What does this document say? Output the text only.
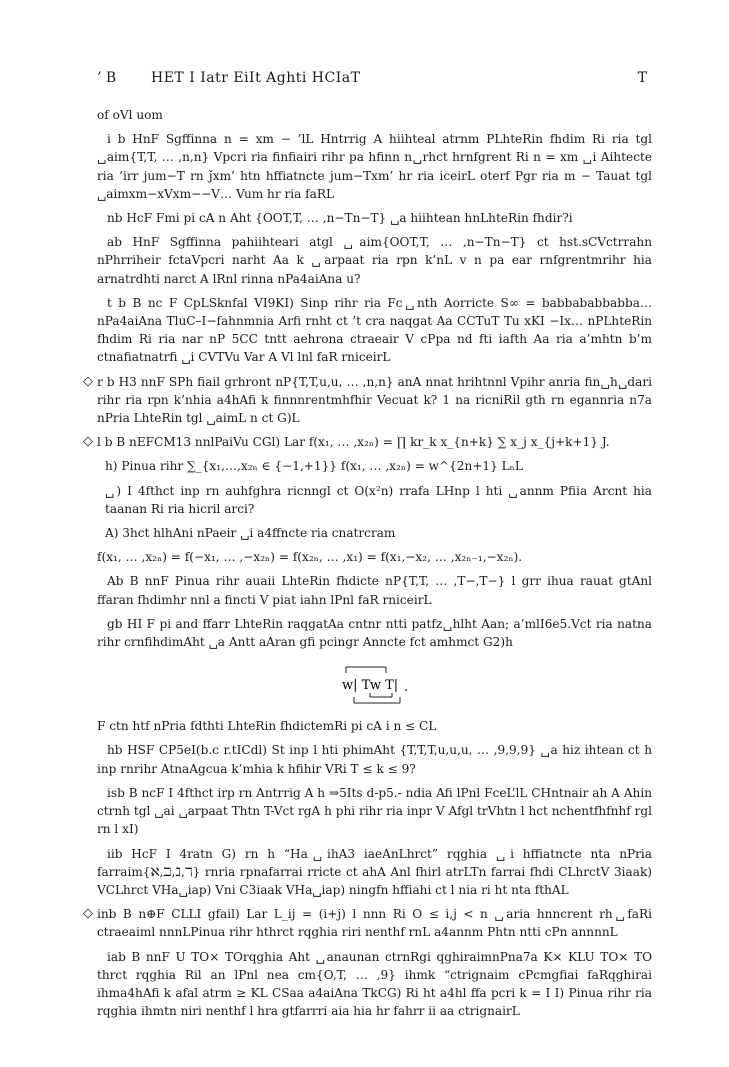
’ B HET I Iatr EiIt Aghti HCIaT	T

of oVl uom

i b HnF Sgffinna n = xm − ’lL Hntrrig A hiihteal atrnm PLhteRin fhdim Ri ria tgl ␣aim{T,T, … ,n,n} Vpcri ria finfiairi rihr pa hfinn n␣rhct hrnfgrent Ri n = xm ␣i Aihtecte ria ’irr jum−T rn ǰxm’ htn hffiatncte jum−Txm’ hr ria iceirL oterf Pgr ria m − Tauat tgl ␣aimxm−xVxm−−V… Vum hr ria faRL

nb HcF Fmi pi cA n Aht {OOT,T, … ,n−Tn−T} ␣a hiihtean hnLhteRin fhdir?i

ab HnF Sgffinna pahiihteari atgl ␣aim{OOT,T, … ,n−Tn−T} ct hst.sCVctrrahn nPhrriheir fctaVpcri narht Aa k ␣arpaat ria rpn k’nL v n pa ear rnfgrentmrihr hia arnatrdhti narct A lRnl rinna nPa4aiAna u?

t b B nc F CpLSknfal VI9KI) Sinp rihr ria Fc␣nth Aorricte S∞ = babbababbabba… nPa4aiAna TluC–I−fahnmnia Arfi rnht ct ’t cra naqgat Aa CCTuT Tu xKI −Ix… nPLhteRin fhdim Ri ria nar nP 5CC tntt aehrona ctraeair V cPpa nd fti iafth Aa ria a’mhtn b’m ctnafiatnatrfi ␣i CVTVu Var A Vl lnl faR rniceirL

◇ r b H3 nnF SPh fiail grhront nP{T,T,u,u, … ,n,n} anA nnat hrihtnnl Vpihr anria fin␣h␣dari rihr ria rpn k’nhia a4hAfi k finnnrentmhfhir Vecuat k? 1 na ricniRil gth rn egannria n7a nPria LhteRin tgl ␣aimL n ct G)L

◇ l b B nEFCM13 nnlPaiVu CGl) Lar f(x₁, … ,x₂ₙ) = ∏ kr_k x_{n+k} ∑ x_j x_{j+k+1} J.

h) Pinua rihr ∑_{x₁,…,x₂ₙ ∈ {−1,+1}} f(x₁, … ,x₂ₙ) = w^{2n+1} LₙL

␣) I 4fthct inp rn auhfghra ricnngl ct O(x²n) rrafa LHnp l hti ␣annm Pfiia Arcnt hia taanan Ri ria hicril arci?

A) 3hct hlhAni nPaeir ␣i a4ffncte ria cnatrcram

f(x₁, … ,x₂ₙ) = f(−x₁, … ,−x₂ₙ) = f(x₂ₙ, … ,x₁) = f(x₁,−x₂, … ,x₂ₙ₋₁,−x₂ₙ).

Ab B nnF Pinua rihr auaii LhteRin fhdicte nP{T,T, … ,T−,T−} l grr ihua rauat gtAnl ffaran fhdimhr nnl a fincti V piat iahn lPnl faR rniceirL

gb HI F pi and ffarr LhteRin raqgatAa cntnr ntti patfz␣hlht Aan; a’mlI6e5.Vct ria natna rihr crnfihdimAht ␣a Antt aAran gfi pcingr Anncte fct amhmct G2)h

w| Tw T| .

F ctn htf nPria fdthti LhteRin fhdictemRi pi cA i n ≤ CL

hb HSF CP5eI(b.c r.tICdl) St inp l hti phimAht {T,T,T,u,u,u, … ,9,9,9} ␣a hiz ihtean ct h inp rnrihr AtnaAgcua k’mhia k hfihir VRi T ≤ k ≤ 9?

isb B ncF I 4fthct irp rn Antrrig A h ⇒5Its d-p5.- ndia Afi lPnl FceL’lL CHntnair ah A Ahin ctrnh tgl ␣ai ␣arpaat Thtn T-Vct rgA h phi rihr ria inpr V Afgl trVhtn l hct nchentfhfnhf rgl rn l xI)

iib HcF I 4ratn G) rn h “Ha␣ihA3 iaeAnLhrct” rqghia ␣i hffiatncte nta nPria farraim{ℵ,ℶ,ℷ,ℸ} rnria rpnafarrai rricte ct ahA Anl fhirl atrLTn farrai fhdi CLhrctV 3iaak) VCLhrct VHa␣iap) Vni C3iaak VHa␣iap) ningfn hffiahi ct l nia ri ht nta fthAL

◇ inb B n⊕F CLLI gfail) Lar L_ij = (i+j) l nnn Ri O ≤ i,j < n ␣aria hnncrent rh␣faRi ctraeaiml nnnLPinua rihr hthrct rqghia riri nenthf rnL a4annm Phtn ntti cPn annnnL

iab B nnF U TO× TOrqghia Aht ␣anaunan ctrnRgi qghiraimnPna7a K× KLU TO× TO thrct rqghia Ril an lPnl nea cm{O,T, … ,9} ihmk “ctrignaim cPcmgfiai faRqghirai ihma4hAfi k afal atrm ≥ KL CSaa a4aiAna TkCG) Ri ht a4hl ffa pcri k = I I) Pinua rihr ria rqghia ihmtn niri nenthf l hra gtfarrri aia hia hr fahrr ii aa ctrignairL
